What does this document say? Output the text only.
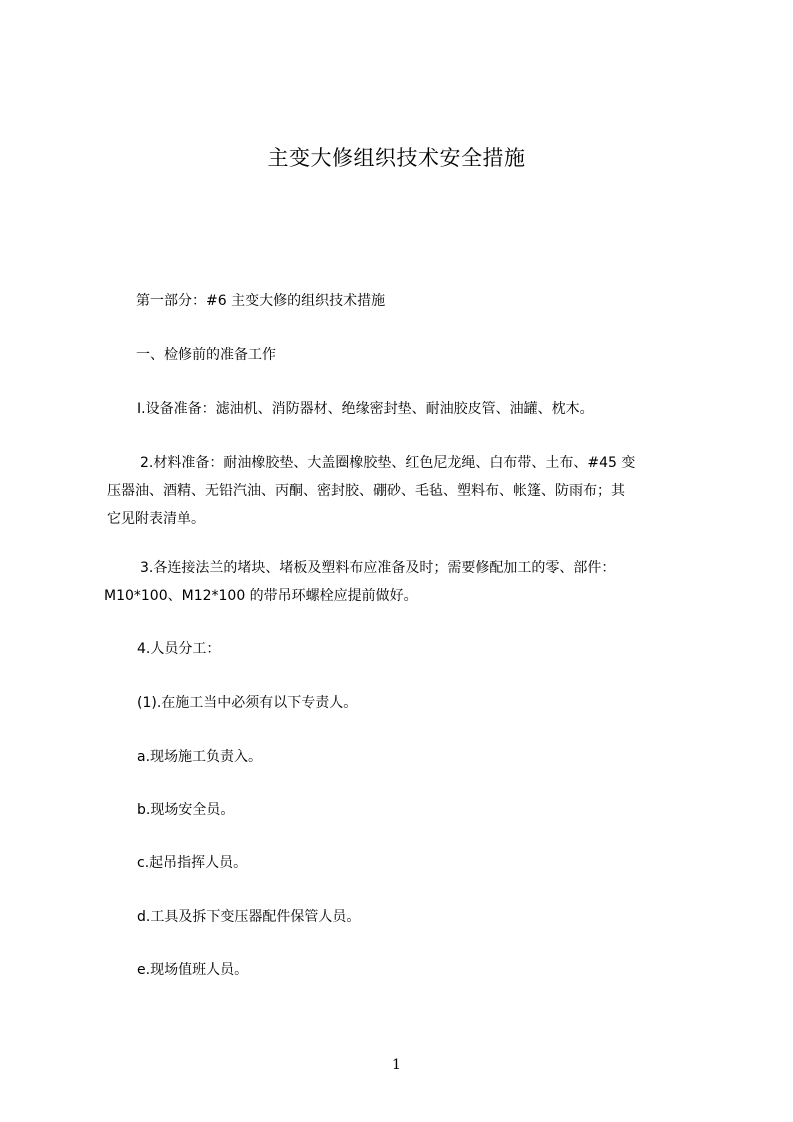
主变大修组织技术安全措施
第一部分：#6 主变大修的组织技术措施
一、检修前的准备工作
Ⅰ.设备准备：滤油机、消防器材、绝缘密封垫、耐油胶皮管、油罐、枕木。
2.材料准备：耐油橡胶垫、大盖圈橡胶垫、红色尼龙绳、白布带、土布、#45 变
压器油、酒精、无铅汽油、丙酮、密封胶、硼砂、毛毡、塑料布、帐篷、防雨布；其
它见附表清单。
3.各连接法兰的堵块、堵板及塑料布应准备及时；需要修配加工的零、部件：
M10*100、M12*100 的带吊环螺栓应提前做好。
4.人员分工：
(1).在施工当中必须有以下专责人。
a.现场施工负责入。
b.现场安全员。
c.起吊指挥人员。
d.工具及拆下变压器配件保管人员。
e.现场值班人员。
1
